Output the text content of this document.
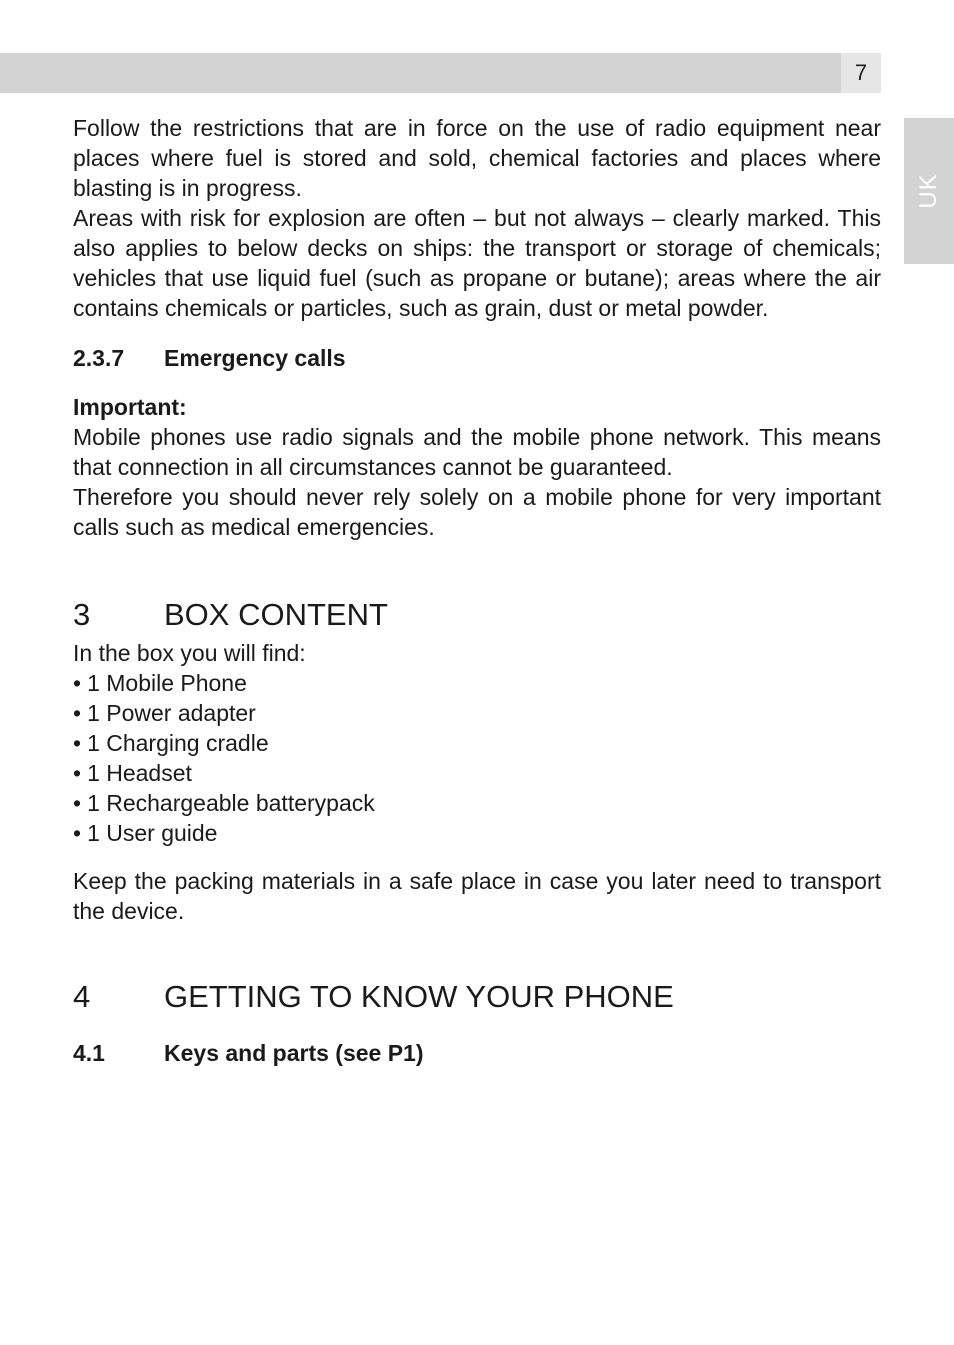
7
UK

Follow the restrictions that are in force on the use of radio equipment near places where fuel is stored and sold, chemical factories and places where blasting is in progress.

Areas with risk for explosion are often – but not always – clearly marked. This also applies to below decks on ships: the transport or storage of chemicals; vehicles that use liquid fuel (such as propane or butane); areas where the air contains chemicals or particles, such as grain, dust or metal powder.

2.3.7	Emergency calls
Important:

Mobile phones use radio signals and the mobile phone network. This means that connection in all circumstances cannot be guaranteed.

Therefore you should never rely solely on a mobile phone for very important calls such as medical emergencies.

3	BOX CONTENT

In the box you will find:

• 1 Mobile Phone
• 1 Power adapter
• 1 Charging cradle
• 1 Headset
• 1 Rechargeable batterypack
• 1 User guide

Keep the packing materials in a safe place in case you later need to transport the device.

4	GETTING TO KNOW YOUR PHONE
4.1	Keys and parts (see P1)
